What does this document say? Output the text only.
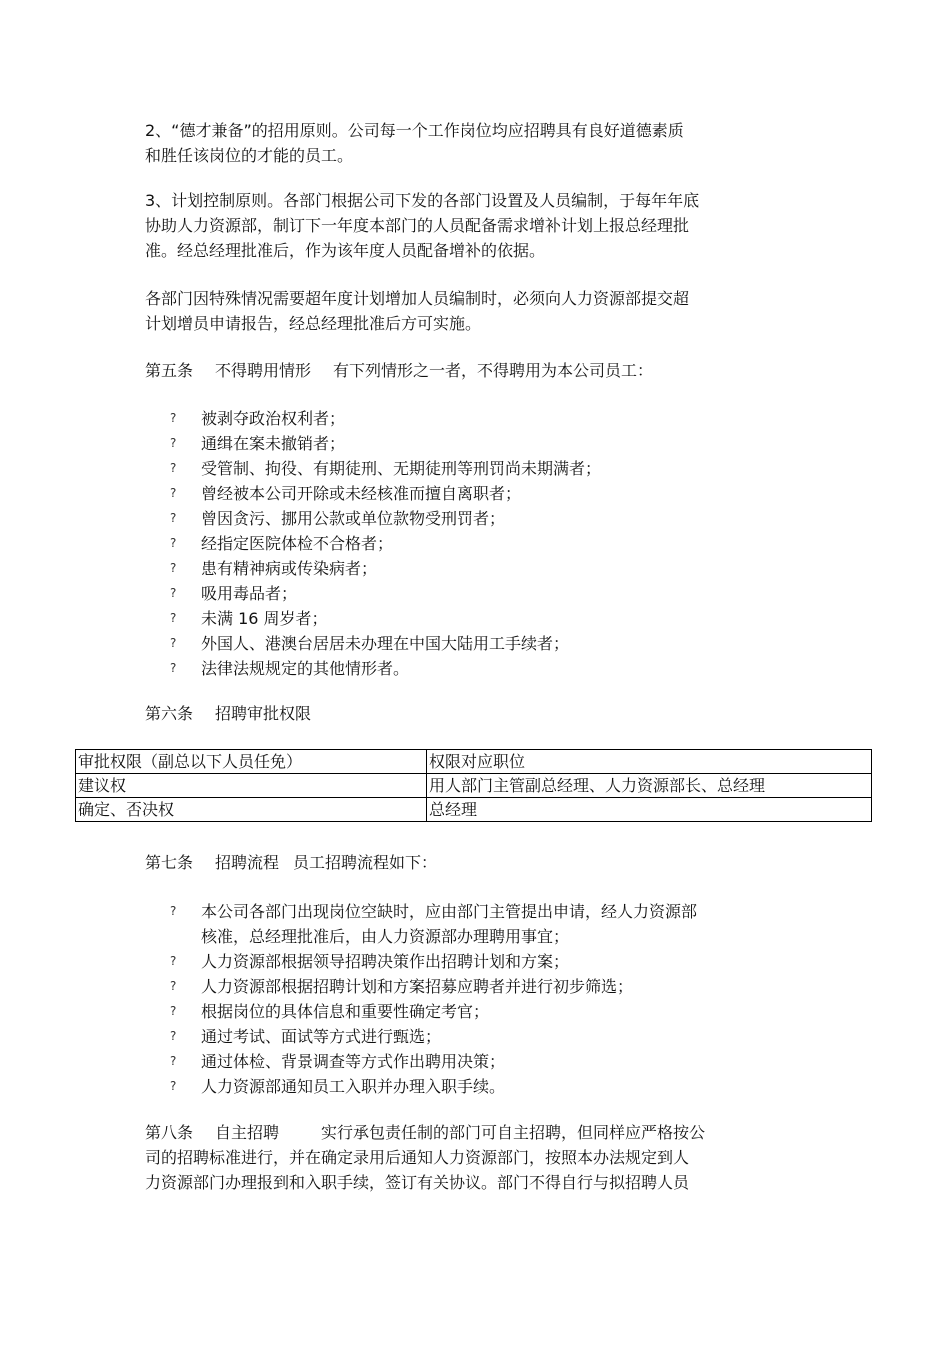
2、“德才兼备”的招用原则。公司每一个工作岗位均应招聘具有良好道德素质
和胜任该岗位的才能的员工。

3、计划控制原则。各部门根据公司下发的各部门设置及人员编制，于每年年底
协助人力资源部，制订下一年度本部门的人员配备需求增补计划上报总经理批
准。经总经理批准后，作为该年度人员配备增补的依据。

各部门因特殊情况需要超年度计划增加人员编制时，必须向人力资源部提交超
计划增员申请报告，经总经理批准后方可实施。

第五条 不得聘用情形 有下列情形之一者，不得聘用为本公司员工：

? 被剥夺政治权利者；
? 通缉在案未撤销者；
? 受管制、拘役、有期徒刑、无期徒刑等刑罚尚未期满者；
? 曾经被本公司开除或未经核准而擅自离职者；
? 曾因贪污、挪用公款或单位款物受刑罚者；
? 经指定医院体检不合格者；
? 患有精神病或传染病者；
? 吸用毒品者；
? 未满 16 周岁者；
? 外国人、港澳台居居未办理在中国大陆用工手续者；
? 法律法规规定的其他情形者。

第六条 招聘审批权限

审批权限（副总以下人员任免）	权限对应职位
建议权	用人部门主管副总经理、人力资源部长、总经理
确定、否决权	总经理

第七条 招聘流程 员工招聘流程如下：

? 本公司各部门出现岗位空缺时，应由部门主管提出申请，经人力资源部
核准，总经理批准后，由人力资源部办理聘用事宜；
? 人力资源部根据领导招聘决策作出招聘计划和方案；
? 人力资源部根据招聘计划和方案招募应聘者并进行初步筛选；
? 根据岗位的具体信息和重要性确定考官；
? 通过考试、面试等方式进行甄选；
? 通过体检、背景调查等方式作出聘用决策；
? 人力资源部通知员工入职并办理入职手续。

第八条 自主招聘	实行承包责任制的部门可自主招聘，但同样应严格按公
司的招聘标准进行，并在确定录用后通知人力资源部门，按照本办法规定到人
力资源部门办理报到和入职手续，签订有关协议。部门不得自行与拟招聘人员
